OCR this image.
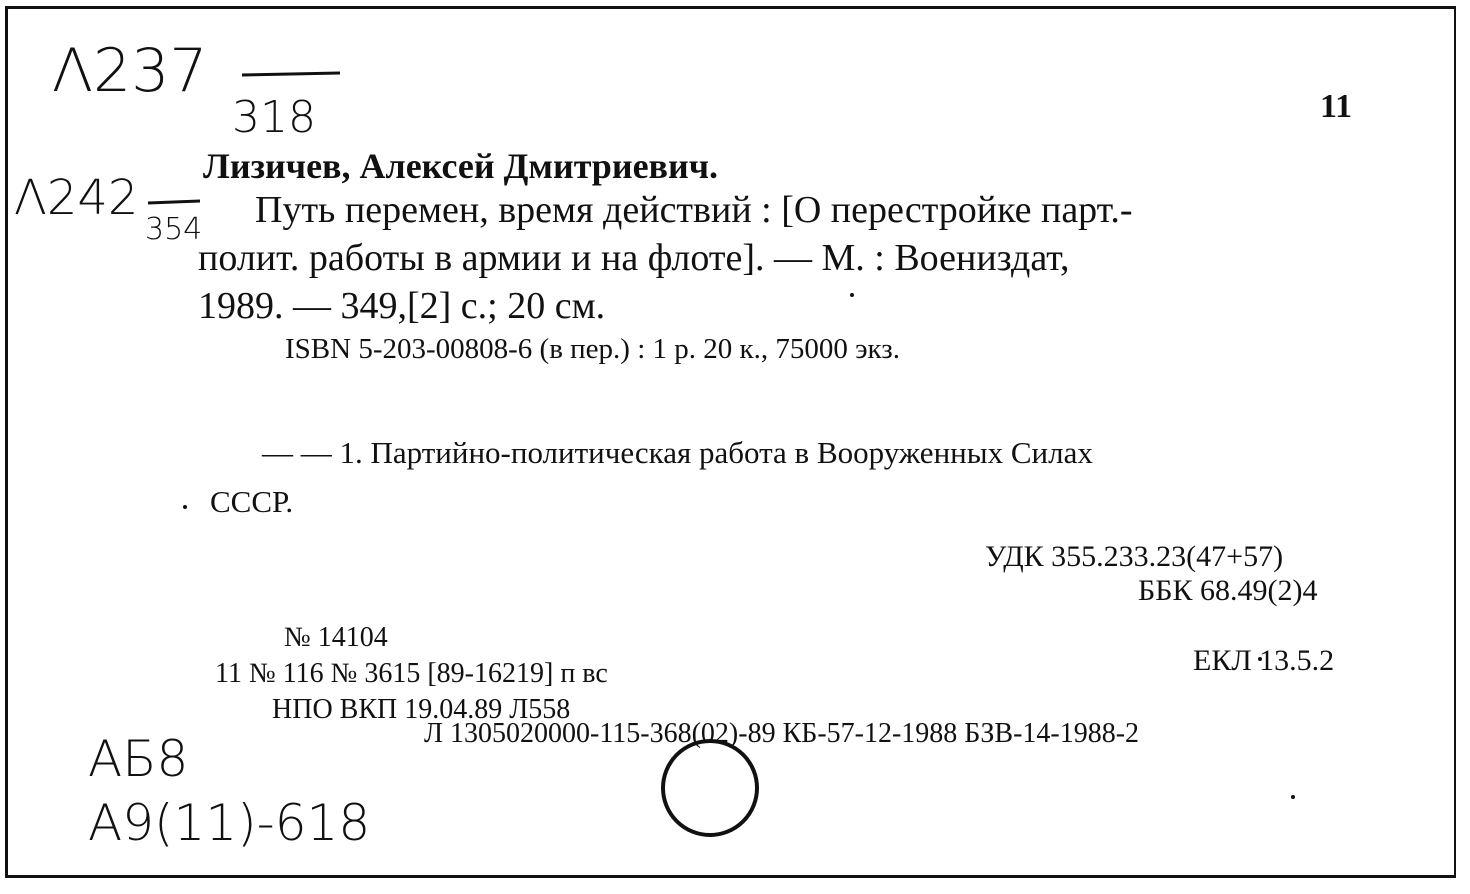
Λ237
318
Λ242
354
АБ8
А9(11)-618
11
Лизичев, Алексей Дмитриевич.
Путь перемен, время действий : [О перестройке парт.-
полит. работы в армии и на флоте]. — М. : Воениздат,
1989. — 349,[2] с.; 20 см.
ISBN 5-203-00808-6 (в пер.) : 1 р. 20 к., 75000 экз.
— — 1. Партийно-политическая работа в Вооруженных Силах
СССР.
УДК 355.233.23(47+57)
ББК 68.49(2)4
№ 14104
11 № 116 № 3615 [89-16219] п вс	ЕКЛ 13.5.2
НПО ВКП 19.04.89 Л558
Л 1305020000-115-368(02)-89 КБ-57-12-1988 БЗВ-14-1988-2
